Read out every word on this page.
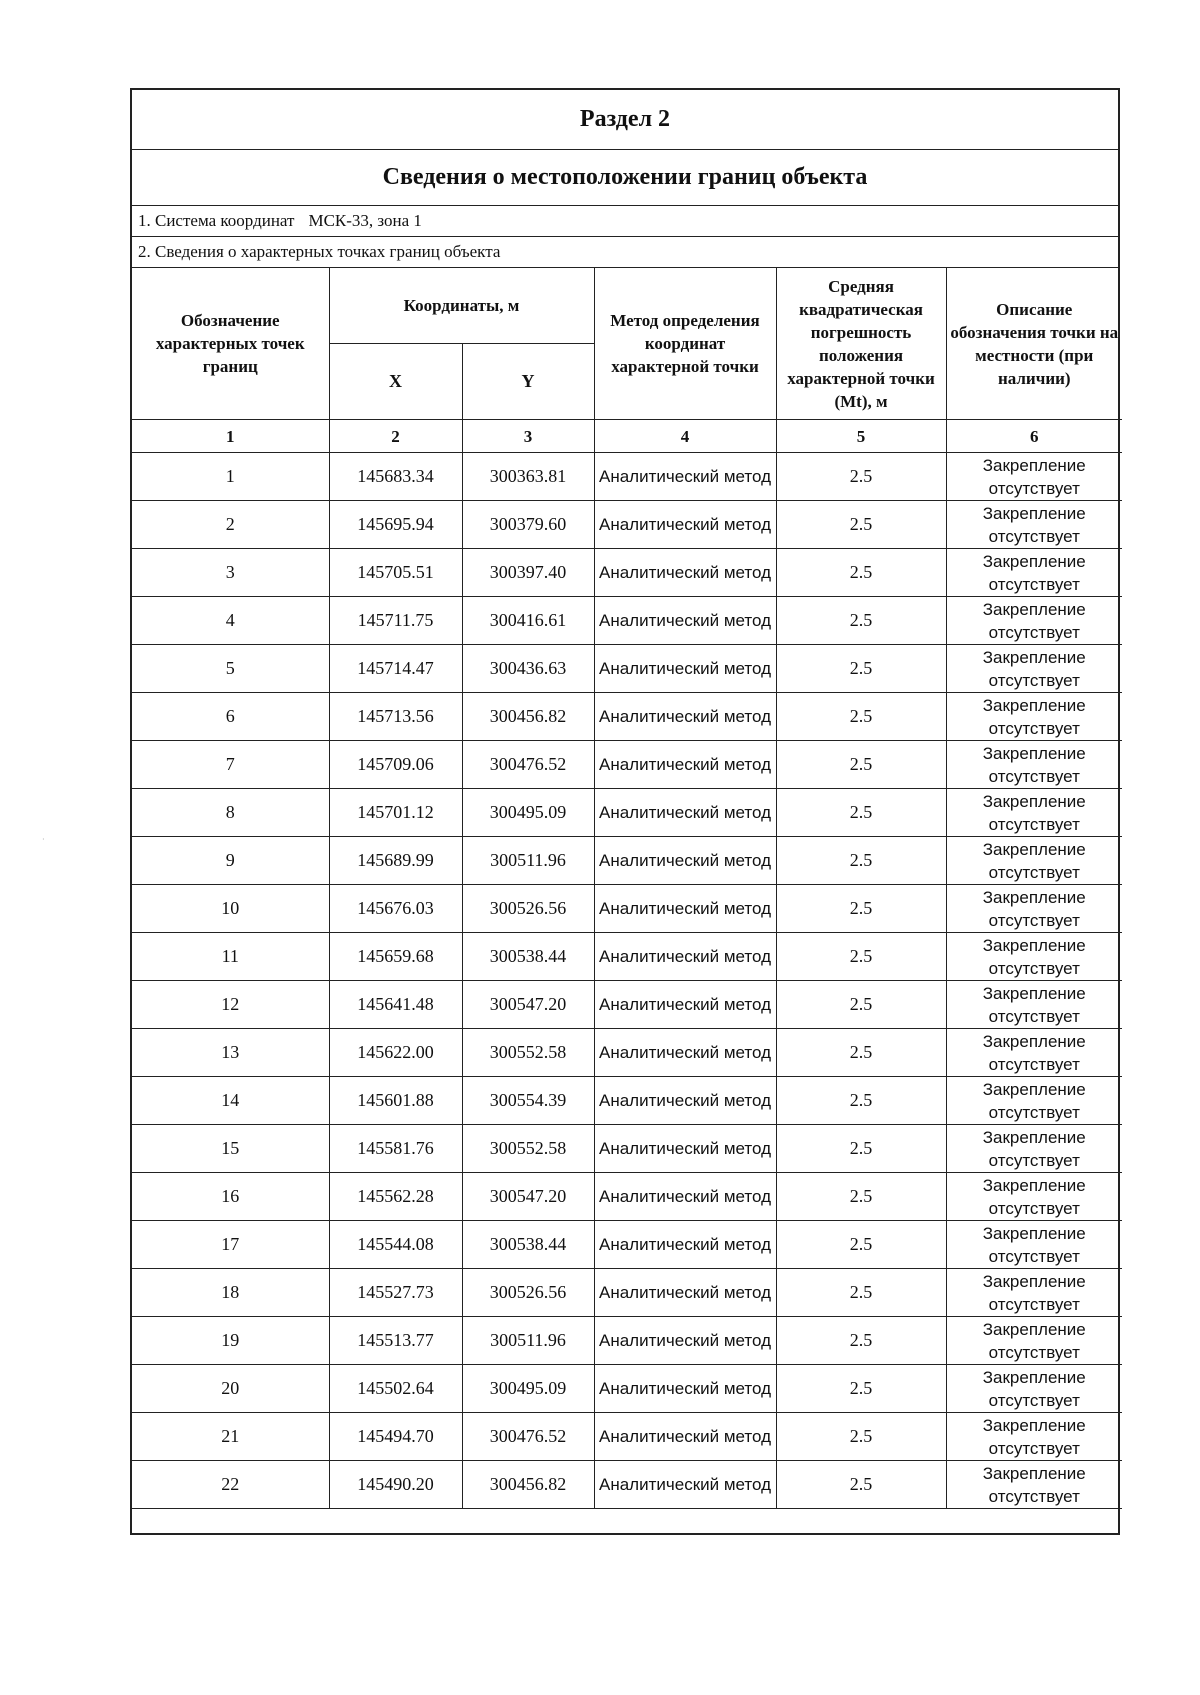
·
Раздел 2
Сведения о местоположении границ объекта
1. Система координат МСК-33, зона 1
2. Сведения о характерных точках границ объекта
Обозначение характерных точек границ	Координаты, м		Метод определения координат характерной точки	Средняя квадратическая погрешность положения характерной точки (Mt), м	Описание обозначения точки на местности (при наличии)
	X	Y			
1	2	3	4	5	6
1	145683.34	300363.81	Аналитический метод	2.5	Закрепление отсутствует
2	145695.94	300379.60	Аналитический метод	2.5	Закрепление отсутствует
3	145705.51	300397.40	Аналитический метод	2.5	Закрепление отсутствует
4	145711.75	300416.61	Аналитический метод	2.5	Закрепление отсутствует
5	145714.47	300436.63	Аналитический метод	2.5	Закрепление отсутствует
6	145713.56	300456.82	Аналитический метод	2.5	Закрепление отсутствует
7	145709.06	300476.52	Аналитический метод	2.5	Закрепление отсутствует
8	145701.12	300495.09	Аналитический метод	2.5	Закрепление отсутствует
9	145689.99	300511.96	Аналитический метод	2.5	Закрепление отсутствует
10	145676.03	300526.56	Аналитический метод	2.5	Закрепление отсутствует
11	145659.68	300538.44	Аналитический метод	2.5	Закрепление отсутствует
12	145641.48	300547.20	Аналитический метод	2.5	Закрепление отсутствует
13	145622.00	300552.58	Аналитический метод	2.5	Закрепление отсутствует
14	145601.88	300554.39	Аналитический метод	2.5	Закрепление отсутствует
15	145581.76	300552.58	Аналитический метод	2.5	Закрепление отсутствует
16	145562.28	300547.20	Аналитический метод	2.5	Закрепление отсутствует
17	145544.08	300538.44	Аналитический метод	2.5	Закрепление отсутствует
18	145527.73	300526.56	Аналитический метод	2.5	Закрепление отсутствует
19	145513.77	300511.96	Аналитический метод	2.5	Закрепление отсутствует
20	145502.64	300495.09	Аналитический метод	2.5	Закрепление отсутствует
21	145494.70	300476.52	Аналитический метод	2.5	Закрепление отсутствует
22	145490.20	300456.82	Аналитический метод	2.5	Закрепление отсутствует
